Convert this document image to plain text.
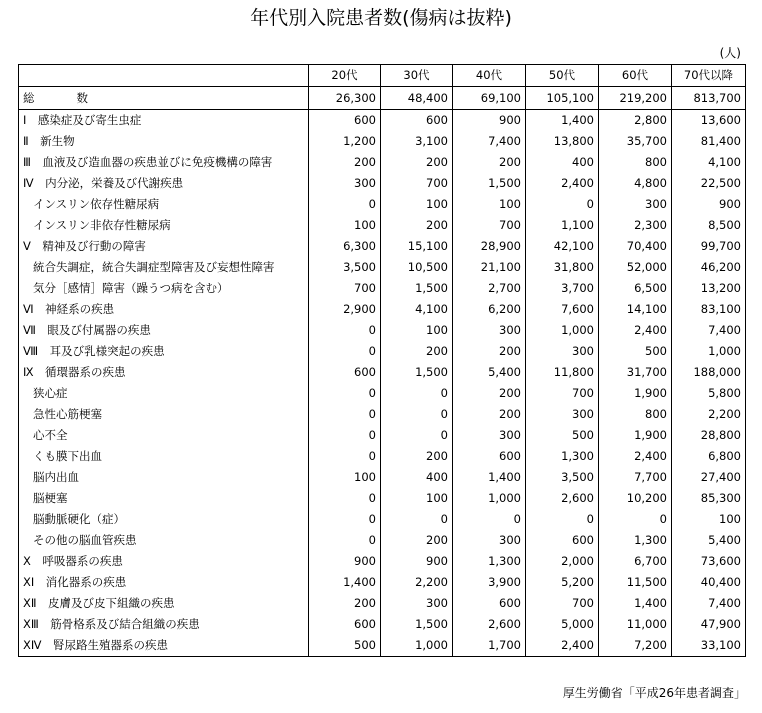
年代別入院患者数(傷病は抜粋)
(人)
	20代	30代	40代	50代	60代	70代以降
総 数	26,300	48,400	69,100	105,100	219,200	813,700
Ⅰ　感染症及び寄生虫症	600	600	900	1,400	2,800	13,600
Ⅱ　新生物	1,200	3,100	7,400	13,800	35,700	81,400
Ⅲ　血液及び造血器の疾患並びに免疫機構の障害	200	200	200	400	800	4,100
Ⅳ　内分泌，栄養及び代謝疾患	300	700	1,500	2,400	4,800	22,500
インスリン依存性糖尿病	0	100	100	0	300	900
インスリン非依存性糖尿病	100	200	700	1,100	2,300	8,500
Ⅴ　精神及び行動の障害	6,300	15,100	28,900	42,100	70,400	99,700
統合失調症，統合失調症型障害及び妄想性障害	3,500	10,500	21,100	31,800	52,000	46,200
気分［感情］障害（躁うつ病を含む）	700	1,500	2,700	3,700	6,500	13,200
Ⅵ　神経系の疾患	2,900	4,100	6,200	7,600	14,100	83,100
Ⅶ　眼及び付属器の疾患	0	100	300	1,000	2,400	7,400
Ⅷ　耳及び乳様突起の疾患	0	200	200	300	500	1,000
Ⅸ　循環器系の疾患	600	1,500	5,400	11,800	31,700	188,000
狭心症	0	0	200	700	1,900	5,800
急性心筋梗塞	0	0	200	300	800	2,200
心不全	0	0	300	500	1,900	28,800
くも膜下出血	0	200	600	1,300	2,400	6,800
脳内出血	100	400	1,400	3,500	7,700	27,400
脳梗塞	0	100	1,000	2,600	10,200	85,300
脳動脈硬化（症）	0	0	0	0	0	100
その他の脳血管疾患	0	200	300	600	1,300	5,400
Ⅹ　呼吸器系の疾患	900	900	1,300	2,000	6,700	73,600
ⅩⅠ　消化器系の疾患	1,400	2,200	3,900	5,200	11,500	40,400
ⅩⅡ　皮膚及び皮下組織の疾患	200	300	600	700	1,400	7,400
ⅩⅢ　筋骨格系及び結合組織の疾患	600	1,500	2,600	5,000	11,000	47,900
ⅩⅣ　腎尿路生殖器系の疾患	500	1,000	1,700	2,400	7,200	33,100
厚生労働省「平成26年患者調査」
